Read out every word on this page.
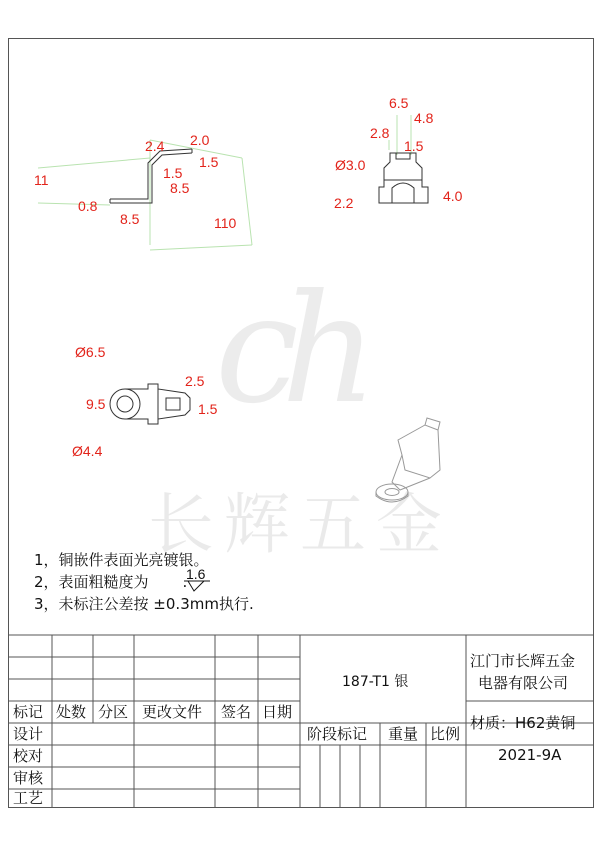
ch
长辉五金
11
0.8
8.5
2.4 2.0
1.5
1.5
8.5
110
6.5
4.8
2.8
1.5
Ø3.0
2.2	4.0
Ø6.5
2.5
9.5	1.5
Ø4.4
1，铜嵌件表面光亮镀银。
2，表面粗糙度为 .
1.6
3，未标注公差按 ±0.3mm执行.
187-T1 银
江门市长辉五金
电器有限公司
材质：H62黄铜
2021-9A
标记 处数 分区 更改文件 签名 日期
设计
校对
审核
工艺
阶段标记 重量 比例
